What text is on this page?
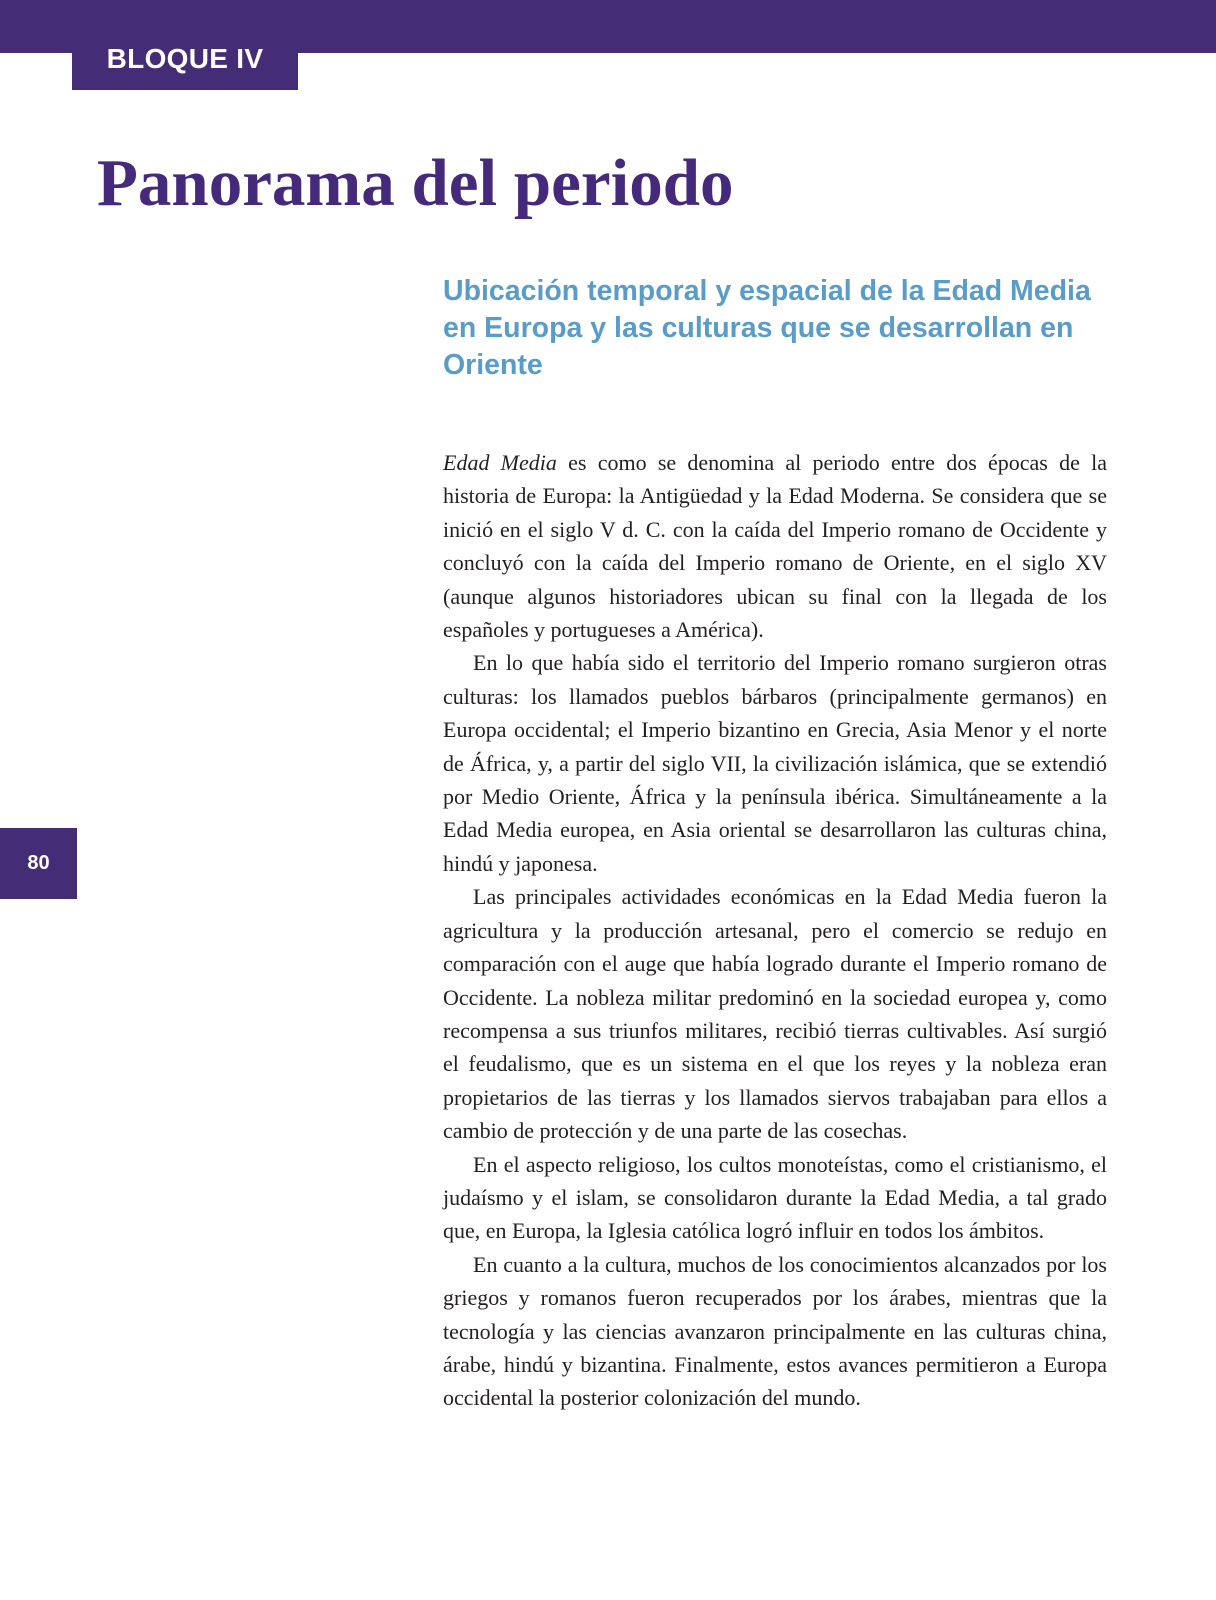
BLOQUE IV
Panorama del periodo
Ubicación temporal y espacial de la Edad Media en Europa y las culturas que se desarrollan en Oriente

Edad Media es como se denomina al periodo entre dos épocas de la historia de Europa: la Antigüedad y la Edad Moderna. Se considera que se inició en el siglo V d. C. con la caída del Imperio romano de Occidente y concluyó con la caída del Imperio romano de Oriente, en el siglo XV (aunque algunos historiadores ubican su final con la llegada de los españoles y portugueses a América).

En lo que había sido el territorio del Imperio romano surgieron otras culturas: los llamados pueblos bárbaros (principalmente germanos) en Europa occidental; el Imperio bizantino en Grecia, Asia Menor y el norte de África, y, a partir del siglo VII, la civilización islámica, que se extendió por Medio Oriente, África y la península ibérica. Simultáneamente a la Edad Media europea, en Asia oriental se desarrollaron las culturas china, hindú y japonesa.

Las principales actividades económicas en la Edad Media fueron la agricultura y la producción artesanal, pero el comercio se redujo en comparación con el auge que había logrado durante el Imperio romano de Occidente. La nobleza militar predominó en la sociedad europea y, como recompensa a sus triunfos militares, recibió tierras cultivables. Así surgió el feudalismo, que es un sistema en el que los reyes y la nobleza eran propietarios de las tierras y los llamados siervos trabajaban para ellos a cambio de protección y de una parte de las cosechas.

En el aspecto religioso, los cultos monoteístas, como el cristianismo, el judaísmo y el islam, se consolidaron durante la Edad Media, a tal grado que, en Europa, la Iglesia católica logró influir en todos los ámbitos.

En cuanto a la cultura, muchos de los conocimientos alcanzados por los griegos y romanos fueron recuperados por los árabes, mientras que la tecnología y las ciencias avanzaron principalmente en las culturas china, árabe, hindú y bizantina. Finalmente, estos avances permitieron a Europa occidental la posterior colonización del mundo.

80
